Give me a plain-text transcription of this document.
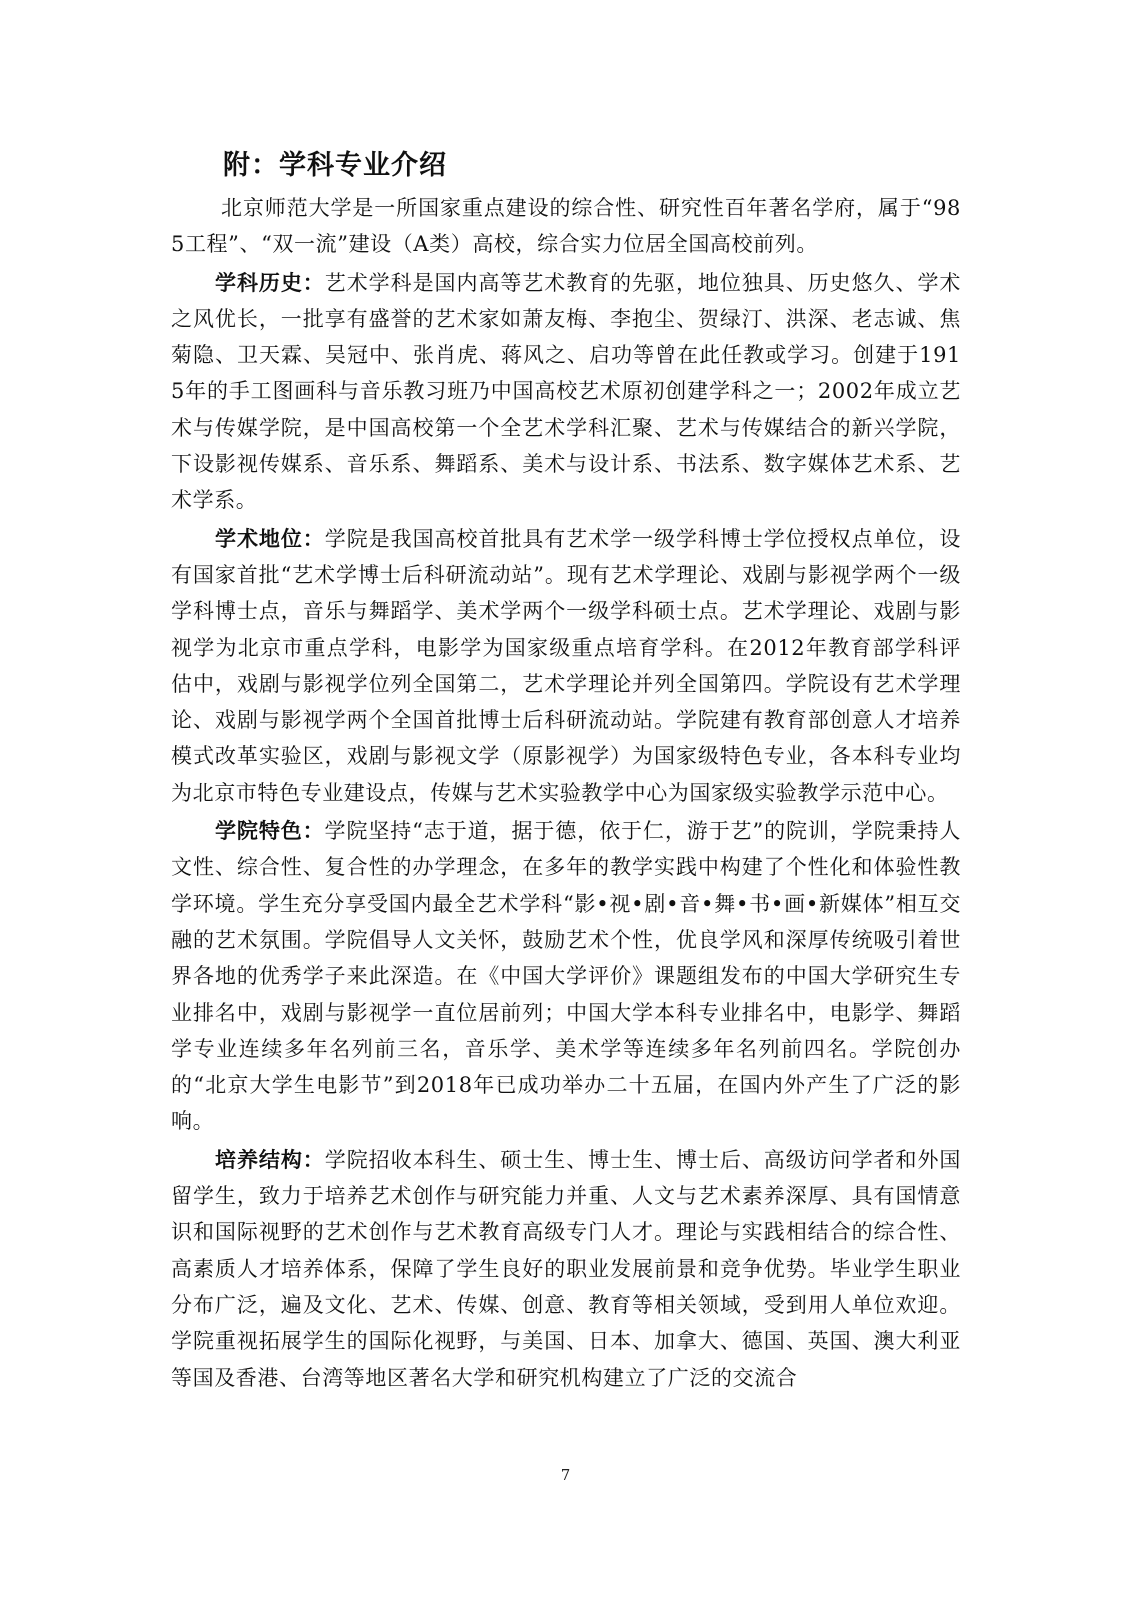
附：学科专业介绍

北京师范大学是一所国家重点建设的综合性、研究性百年著名学府，属于“985工程”、“双一流”建设（A类）高校，综合实力位居全国高校前列。

学科历史：艺术学科是国内高等艺术教育的先驱，地位独具、历史悠久、学术之风优长，一批享有盛誉的艺术家如萧友梅、李抱尘、贺绿汀、洪深、老志诚、焦菊隐、卫天霖、吴冠中、张肖虎、蒋风之、启功等曾在此任教或学习。创建于1915年的手工图画科与音乐教习班乃中国高校艺术原初创建学科之一；2002年成立艺术与传媒学院，是中国高校第一个全艺术学科汇聚、艺术与传媒结合的新兴学院，下设影视传媒系、音乐系、舞蹈系、美术与设计系、书法系、数字媒体艺术系、艺术学系。

学术地位：学院是我国高校首批具有艺术学一级学科博士学位授权点单位，设有国家首批“艺术学博士后科研流动站”。现有艺术学理论、戏剧与影视学两个一级学科博士点，音乐与舞蹈学、美术学两个一级学科硕士点。艺术学理论、戏剧与影视学为北京市重点学科，电影学为国家级重点培育学科。在2012年教育部学科评估中，戏剧与影视学位列全国第二，艺术学理论并列全国第四。学院设有艺术学理论、戏剧与影视学两个全国首批博士后科研流动站。学院建有教育部创意人才培养模式改革实验区，戏剧与影视文学（原影视学）为国家级特色专业，各本科专业均为北京市特色专业建设点，传媒与艺术实验教学中心为国家级实验教学示范中心。

学院特色：学院坚持“志于道，据于德，依于仁，游于艺”的院训，学院秉持人文性、综合性、复合性的办学理念，在多年的教学实践中构建了个性化和体验性教学环境。学生充分享受国内最全艺术学科“影•视•剧•音•舞•书•画•新媒体”相互交融的艺术氛围。学院倡导人文关怀，鼓励艺术个性，优良学风和深厚传统吸引着世界各地的优秀学子来此深造。在《中国大学评价》课题组发布的中国大学研究生专业排名中，戏剧与影视学一直位居前列；中国大学本科专业排名中，电影学、舞蹈学专业连续多年名列前三名，音乐学、美术学等连续多年名列前四名。学院创办的“北京大学生电影节”到2018年已成功举办二十五届，在国内外产生了广泛的影响。

培养结构：学院招收本科生、硕士生、博士生、博士后、高级访问学者和外国留学生，致力于培养艺术创作与研究能力并重、人文与艺术素养深厚、具有国情意识和国际视野的艺术创作与艺术教育高级专门人才。理论与实践相结合的综合性、高素质人才培养体系，保障了学生良好的职业发展前景和竞争优势。毕业学生职业分布广泛，遍及文化、艺术、传媒、创意、教育等相关领域，受到用人单位欢迎。学院重视拓展学生的国际化视野，与美国、日本、加拿大、德国、英国、澳大利亚等国及香港、台湾等地区著名大学和研究机构建立了广泛的交流合

7
